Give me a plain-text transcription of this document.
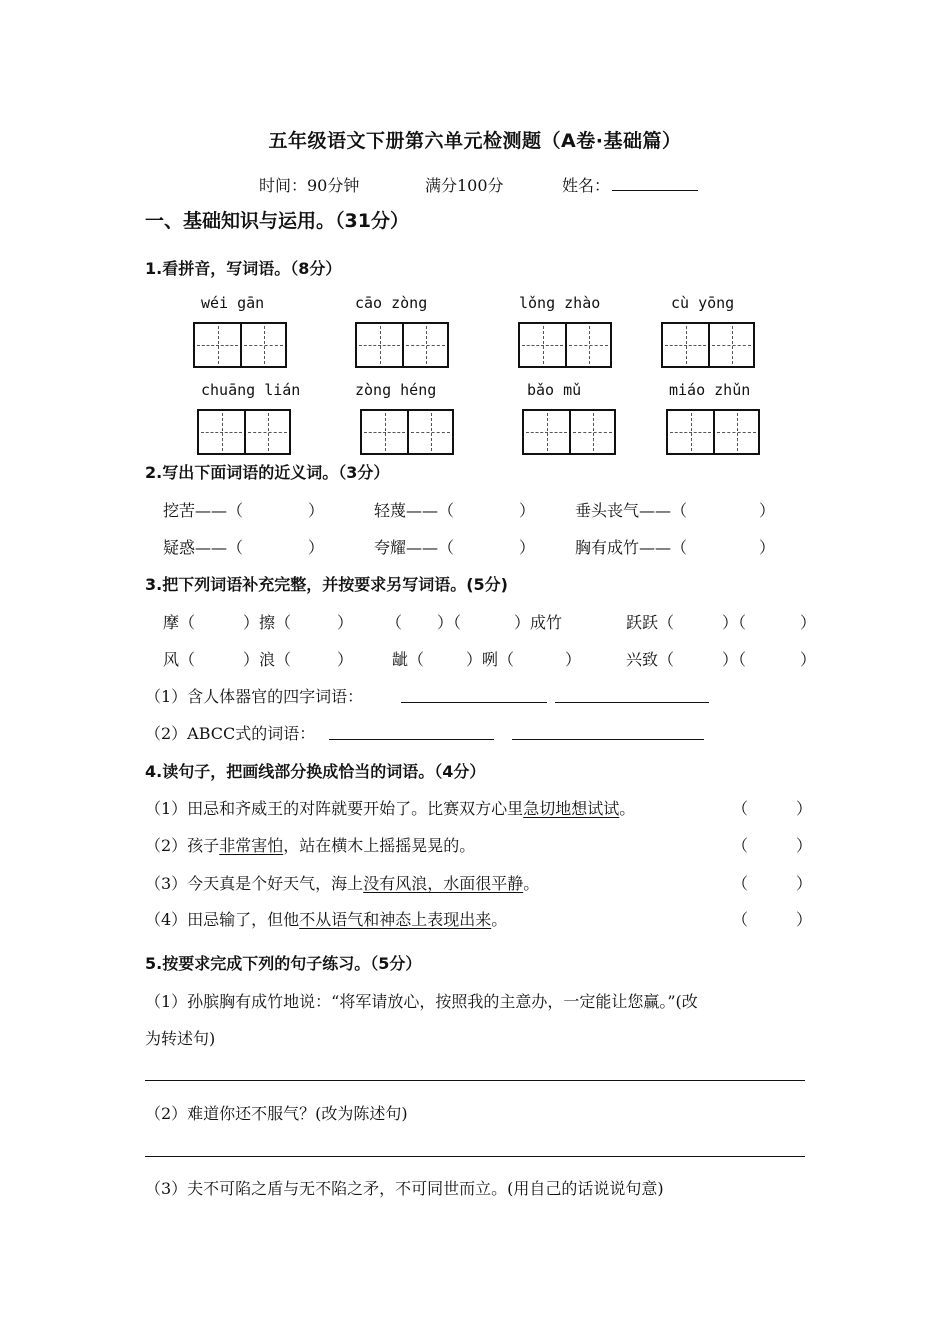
五年级语文下册第六单元检测题（A卷·基础篇）
时间：90分钟	满分100分	姓名：
一、基础知识与运用。（31分）
1.看拼音，写词语。（8分）
wéi gān	cāo zòng	lǒng zhào	cù yōng
chuāng lián	zòng héng	bǎo mǔ	miáo zhǔn
2.写出下面词语的近义词。（3分）
挖苦——（	）	轻蔑——（	） 垂头丧气——（	）
疑惑——（	）	夸耀——（	） 胸有成竹——（	）
3.把下列词语补充完整，并按要求另写词语。(5分)
摩（	）擦（	） （ ）（	）成竹	跃跃（	）（	）
风（	）浪（	） 龇（	）咧（	）	兴致（	）（	）
（1）含人体器官的四字词语：
（2）ABCC式的词语：
4.读句子，把画线部分换成恰当的词语。（4分）
（1）田忌和齐威王的对阵就要开始了。比赛双方心里急切地想试试。	（	）
（2）孩子非常害怕，站在横木上摇摇晃晃的。	（	）
（3）今天真是个好天气，海上没有风浪，水面很平静。	（	）
（4）田忌输了，但他不从语气和神态上表现出来。	（	）
5.按要求完成下列的句子练习。（5分）
（1）孙膑胸有成竹地说：“将军请放心，按照我的主意办，一定能让您赢。”(改
为转述句)
（2）难道你还不服气？(改为陈述句)
（3）夫不可陷之盾与无不陷之矛，不可同世而立。(用自己的话说说句意)
